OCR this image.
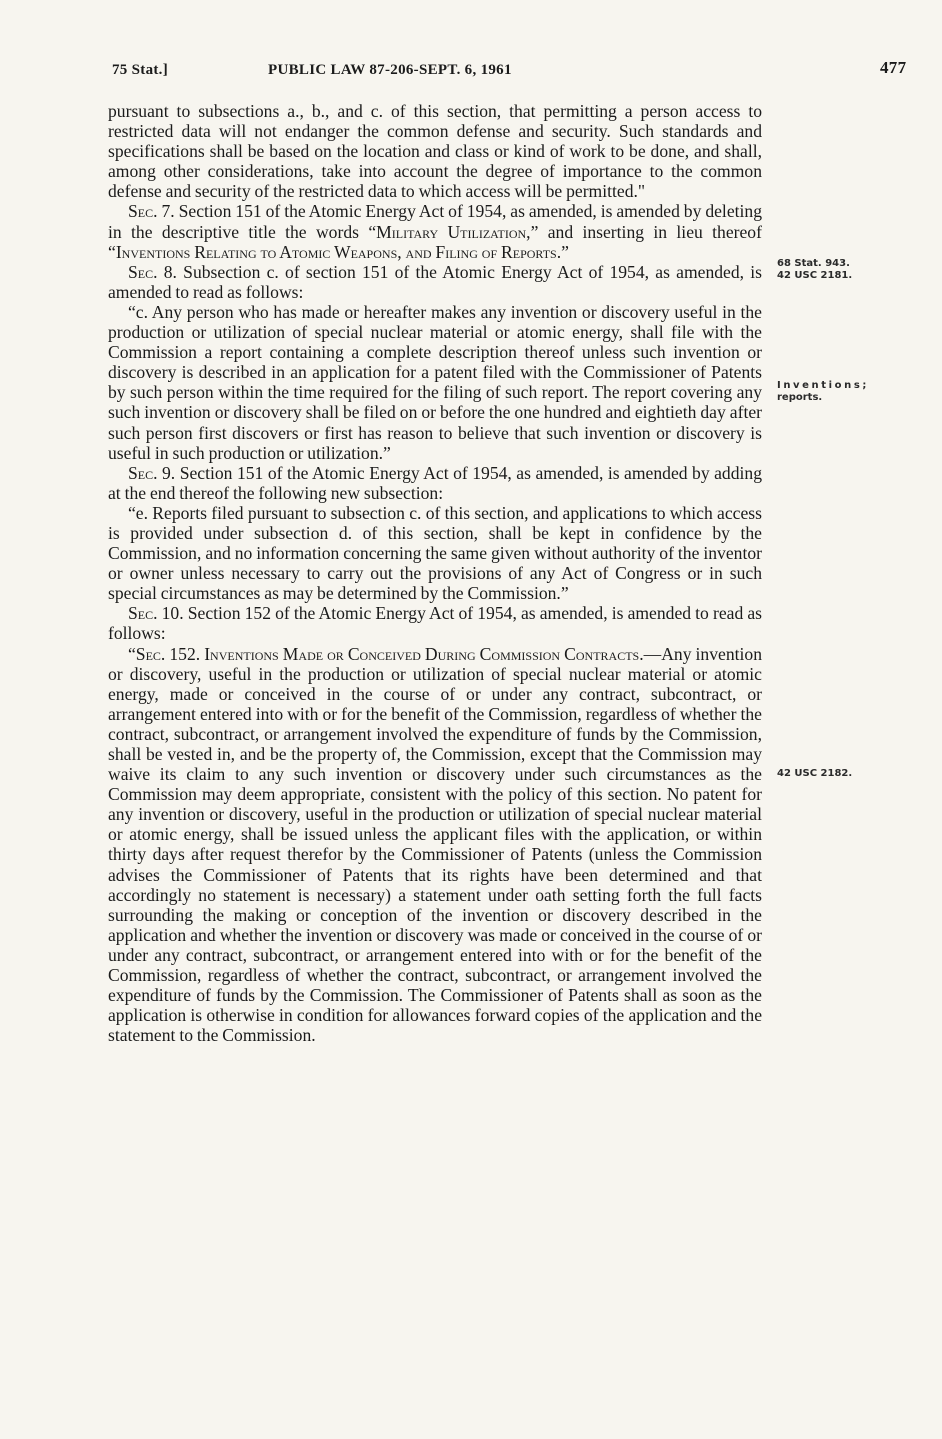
75 Stat.]	PUBLIC LAW 87-206-SEPT. 6, 1961	477

pursuant to subsections a., b., and c. of this section, that permitting a person access to restricted data will not endanger the common defense and security. Such standards and specifications shall be based on the location and class or kind of work to be done, and shall, among other considerations, take into account the degree of importance to the common defense and security of the restricted data to which access will be permitted."

Sec. 7. Section 151 of the Atomic Energy Act of 1954, as amended, is amended by deleting in the descriptive title the words “Military Utilization,” and inserting in lieu thereof “Inventions Relating to Atomic Weapons, and Filing of Reports.”

Sec. 8. Subsection c. of section 151 of the Atomic Energy Act of 1954, as amended, is amended to read as follows:

“c. Any person who has made or hereafter makes any invention or discovery useful in the production or utilization of special nuclear material or atomic energy, shall file with the Commission a report containing a complete description thereof unless such invention or discovery is described in an application for a patent filed with the Commissioner of Patents by such person within the time required for the filing of such report. The report covering any such invention or discovery shall be filed on or before the one hundred and eightieth day after such person first discovers or first has reason to believe that such invention or discovery is useful in such production or utilization.”

Sec. 9. Section 151 of the Atomic Energy Act of 1954, as amended, is amended by adding at the end thereof the following new subsection:

“e. Reports filed pursuant to subsection c. of this section, and applications to which access is provided under subsection d. of this section, shall be kept in confidence by the Commission, and no information concerning the same given without authority of the inventor or owner unless necessary to carry out the provisions of any Act of Congress or in such special circumstances as may be determined by the Commission.”

Sec. 10. Section 152 of the Atomic Energy Act of 1954, as amended, is amended to read as follows:

“Sec. 152. Inventions Made or Conceived During Commission Contracts.—Any invention or discovery, useful in the production or utilization of special nuclear material or atomic energy, made or conceived in the course of or under any contract, subcontract, or arrangement entered into with or for the benefit of the Commission, regardless of whether the contract, subcontract, or arrangement involved the expenditure of funds by the Commission, shall be vested in, and be the property of, the Commission, except that the Commission may waive its claim to any such invention or discovery under such circumstances as the Commission may deem appropriate, consistent with the policy of this section. No patent for any invention or discovery, useful in the production or utilization of special nuclear material or atomic energy, shall be issued unless the applicant files with the application, or within thirty days after request therefor by the Commissioner of Patents (unless the Commission advises the Commissioner of Patents that its rights have been determined and that accordingly no statement is necessary) a statement under oath setting forth the full facts surrounding the making or conception of the invention or discovery described in the application and whether the invention or discovery was made or conceived in the course of or under any contract, subcontract, or arrangement entered into with or for the benefit of the Commission, regardless of whether the contract, subcontract, or arrangement involved the expenditure of funds by the Commission. The Commissioner of Patents shall as soon as the application is otherwise in condition for allowances forward copies of the application and the statement to the Commission.

68 Stat. 943.
42 USC 2181.
Inventions;
reports.
42 USC 2182.
